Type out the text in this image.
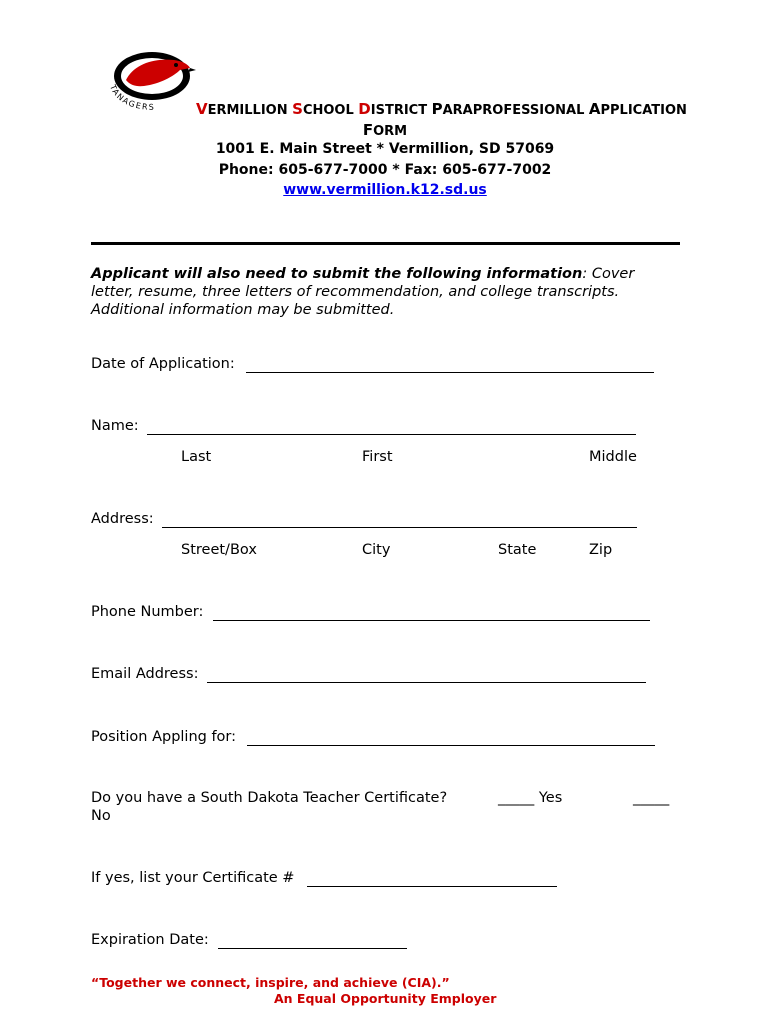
TANAGERS	VERMILLION SCHOOL DISTRICT PARAPROFESSIONAL APPLICATION
FORM
1001 E. Main Street * Vermillion, SD 57069
Phone: 605-677-7000 * Fax: 605-677-7002
www.vermillion.k12.sd.us
Applicant will also need to submit the following information: Cover letter, resume, three letters of recommendation, and college transcripts. Additional information may be submitted.
Date of Application:
Name:
Last	First	Middle
Address:
Street/Box	City	State	Zip
Phone Number:
Email Address:
Position Appling for:
Do you have a South Dakota Teacher Certificate?	_____ Yes	_____
No
If yes, list your Certificate #
Expiration Date:
“Together we connect, inspire, and achieve (CIA).”
An Equal Opportunity Employer
